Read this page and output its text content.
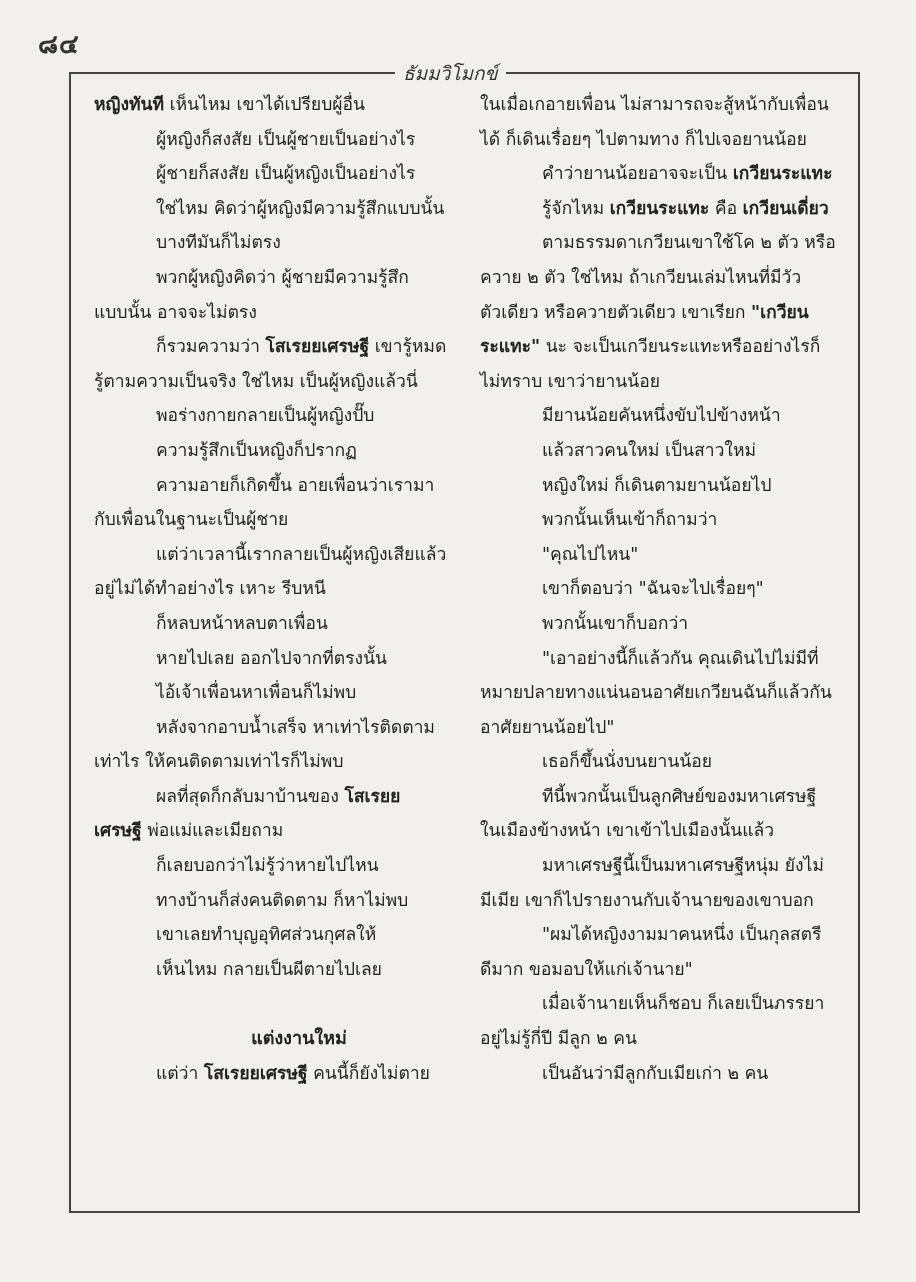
๘๔
ธัมมวิโมกข์
หญิงทันที เห็นไหม เขาได้เปรียบผู้อื่น
ผู้หญิงก็สงสัย เป็นผู้ชายเป็นอย่างไร
ผู้ชายก็สงสัย เป็นผู้หญิงเป็นอย่างไร
ใช่ไหม คิดว่าผู้หญิงมีความรู้สึกแบบนั้น
บางทีมันก็ไม่ตรง
พวกผู้หญิงคิดว่า ผู้ชายมีความรู้สึก
แบบนั้น อาจจะไม่ตรง
ก็รวมความว่า โสเรยยเศรษฐี เขารู้หมด
รู้ตามความเป็นจริง ใช่ไหม เป็นผู้หญิงแล้วนี่
พอร่างกายกลายเป็นผู้หญิงปั๊บ
ความรู้สึกเป็นหญิงก็ปรากฏ
ความอายก็เกิดขึ้น อายเพื่อนว่าเรามา
กับเพื่อนในฐานะเป็นผู้ชาย
แต่ว่าเวลานี้เรากลายเป็นผู้หญิงเสียแล้ว
อยู่ไม่ได้ทำอย่างไร เหาะ รีบหนี
ก็หลบหน้าหลบตาเพื่อน
หายไปเลย ออกไปจากที่ตรงนั้น
ไอ้เจ้าเพื่อนหาเพื่อนก็ไม่พบ
หลังจากอาบน้ำเสร็จ หาเท่าไรติดตาม
เท่าไร ให้คนติดตามเท่าไรก็ไม่พบ
ผลที่สุดก็กลับมาบ้านของ โสเรยย
เศรษฐี พ่อแม่และเมียถาม
ก็เลยบอกว่าไม่รู้ว่าหายไปไหน
ทางบ้านก็ส่งคนติดตาม ก็หาไม่พบ
เขาเลยทำบุญอุทิศส่วนกุศลให้
เห็นไหม กลายเป็นผีตายไปเลย
แต่งงานใหม่
แต่ว่า โสเรยยเศรษฐี คนนี้ก็ยังไม่ตาย
ในเมื่อเกอายเพื่อน ไม่สามารถจะสู้หน้ากับเพื่อน
ได้ ก็เดินเรื่อยๆ ไปตามทาง ก็ไปเจอยานน้อย
คำว่ายานน้อยอาจจะเป็น เกวียนระแทะ
รู้จักไหม เกวียนระแทะ คือ เกวียนเดี่ยว
ตามธรรมดาเกวียนเขาใช้โค ๒ ตัว หรือ
ควาย ๒ ตัว ใช่ไหม ถ้าเกวียนเล่มไหนที่มีวัว
ตัวเดียว หรือควายตัวเดียว เขาเรียก "เกวียน
ระแทะ" นะ จะเป็นเกวียนระแทะหรืออย่างไรก็
ไม่ทราบ เขาว่ายานน้อย
มียานน้อยคันหนึ่งขับไปข้างหน้า
แล้วสาวคนใหม่ เป็นสาวใหม่
หญิงใหม่ ก็เดินตามยานน้อยไป
พวกนั้นเห็นเข้าก็ถามว่า
"คุณไปไหน"
เขาก็ตอบว่า "ฉันจะไปเรื่อยๆ"
พวกนั้นเขาก็บอกว่า
"เอาอย่างนี้ก็แล้วกัน คุณเดินไปไม่มีที่
หมายปลายทางแน่นอนอาศัยเกวียนฉันก็แล้วกัน
อาศัยยานน้อยไป"
เธอก็ขึ้นนั่งบนยานน้อย
ทีนี้พวกนั้นเป็นลูกศิษย์ของมหาเศรษฐี
ในเมืองข้างหน้า เขาเข้าไปเมืองนั้นแล้ว
มหาเศรษฐีนี้เป็นมหาเศรษฐีหนุ่ม ยังไม่
มีเมีย เขาก็ไปรายงานกับเจ้านายของเขาบอก
"ผมได้หญิงงามมาคนหนึ่ง เป็นกุลสตรี
ดีมาก ขอมอบให้แก่เจ้านาย"
เมื่อเจ้านายเห็นก็ชอบ ก็เลยเป็นภรรยา
อยู่ไม่รู้กี่ปี มีลูก ๒ คน
เป็นอันว่ามีลูกกับเมียเก่า ๒ คน
